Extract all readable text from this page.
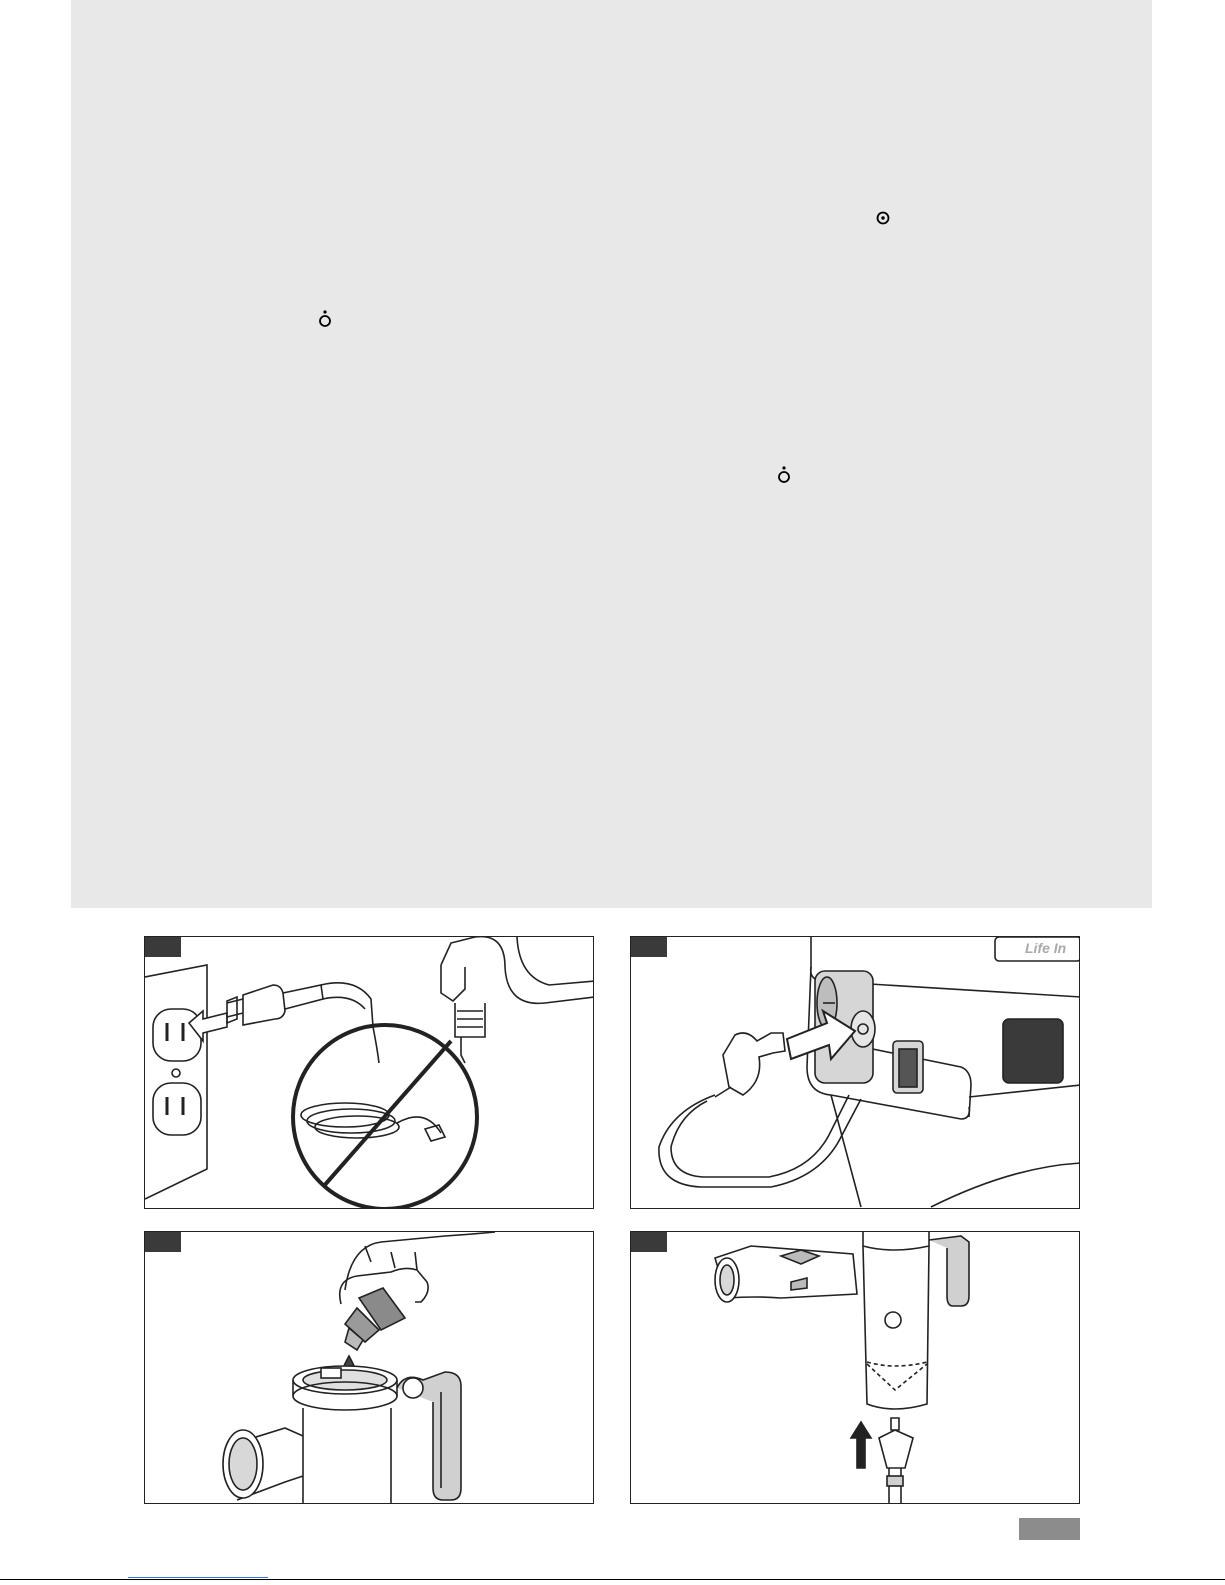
Life In
